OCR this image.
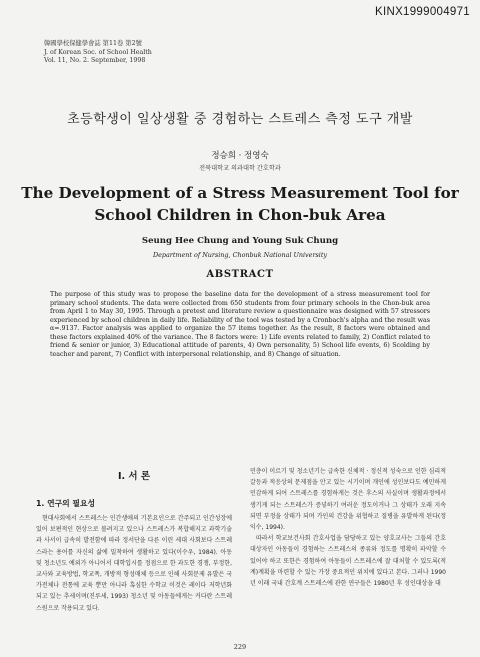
KINX1999004971
韓國學校保健學會誌 第11卷 第2號
J. of Korean Soc. of School Health
Vol. 11, No. 2. September, 1998
초등학생이 일상생활 중 경험하는 스트레스 측정 도구 개발
정승희 · 정영숙
전북대학교 의과대학 간호학과
The Development of a Stress Measurement Tool for School Children in Chon-buk Area
Seung Hee Chung and Young Suk Chung
Department of Nursing, Chonbuk National University
ABSTRACT
The purpose of this study was to propose the baseline data for the development of a stress measurement tool for primary school students. The data were collected from 650 students from four primary schools in the Chon-buk area from April 1 to May 30, 1995. Through a pretest and literature review a questionnaire was designed with 57 stressors experienced by school children in daily life. Reliability of the tool was tested by a Cronbach's alpha and the result was α=.9137. Factor analysis was applied to organize the 57 items together. As the result, 8 factors were obtained and these factors explained 40% of the variance. The 8 factors were: 1) Life events related to family, 2) Conflict related to friend & senior or junior, 3) Educational attitude of parents, 4) Own personality, 5) School life events, 6) Scolding by teacher and parent, 7) Conflict with interpersonal relationship, and 8) Change of situation.
I. 서 론
1. 연구의 필요성

현대사회에서 스트레스는 인간생애의 기본요인으로 간주되고 인간성장에 있어 보편적인 현상으로 볼려지고 있으나 스트레스가 복합해지고 과학기술과 사서이 급속히 발전함에 따라 정서단을 다른 이린 세대 사회보다 스트레스라는 용어를 자신의 삶에 밀착하여 생활하고 있다(이수우, 1984). 아동 및 청소년도 예외가 아니어서 대학입시를 정점으로 한 과도한 경쟁, 부정한, 교사와 교육방법, 학교폭, 개방적 형성매체 등으로 인해 사회문제 유발은 국가전체나 전통에 교육 뿐만 아니라 혹심한 수학교 이것은 레이다 저학년화되고 있는 추세이며(진루세, 1993) 청소년 및 아동들에게는 커다란 스트레스원으로 작용되고 있다.

민층이 이르기 및 청소년기는 급속한 신체적 · 정신적 성숙으로 인한 심리적 갈등과 적응상의 문제점을 안고 있는 시기이며 개인에 성인보다도 예민하게 민감하게 되어 스트레스를 경험하게는 것은 후스의 사실이며 생활과정에서 생기게 되는 스트레스가 증넣하기 여러운 정도이거나 그 상태가 오래 지속되면 부정을 상태가 되며 가인의 건강을 위협하고 질병을 유발하게 된다(정익수, 1994).

따라서 학교보건사회 간호사업을 담당하고 있는 양호교사는 그들의 간호대상자인 아동들이 경험하는 스트레스의 종류와 정도를 명확히 파악할 수 있어야 하고 또한은 경험하여 아동들이 스트레스에 잘 대처할 수 있도록(적계)계획을 마련할 수 있는 가장 중요적인 위치에 있다고 본다. 그러나 1990년 이래 국내 간호계 스트레스에 관한 연구들은 1980년 후 성인대상을 대

229
